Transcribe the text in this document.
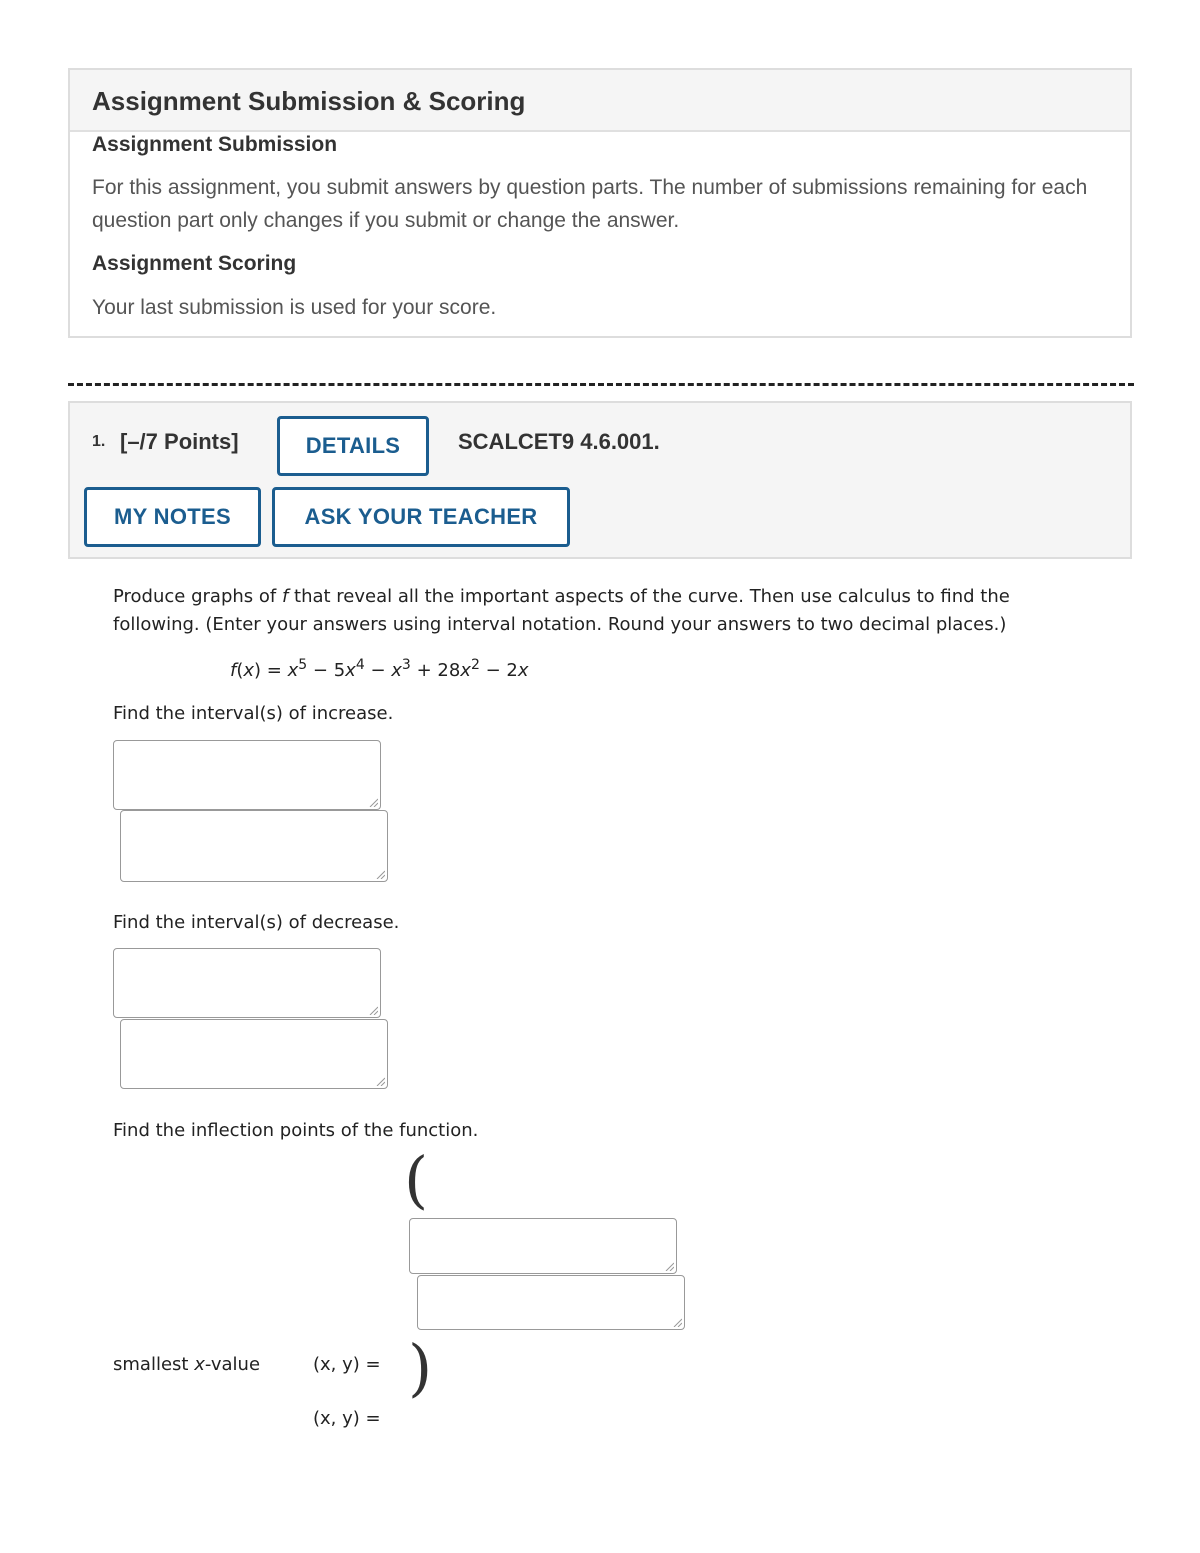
Assignment Submission & Scoring
Assignment Submission

For this assignment, you submit answers by question parts. The number of submissions remaining for each question part only changes if you submit or change the answer.

Assignment Scoring

Your last submission is used for your score.

1. [–/7 Points]	DETAILS	SCALCET9 4.6.001.
MY NOTES	ASK YOUR TEACHER

Produce graphs of f that reveal all the important aspects of the curve. Then use calculus to find the following. (Enter your answers using interval notation. Round your answers to two decimal places.)

$f(x) = x^5 - 5x^4 - x^3 + 28x^2 - 2x$

Find the interval(s) of increase.

Find the interval(s) of decrease.

Find the inflection points of the function.

(

smallest x-value	(x, y) = )
(x, y) =
